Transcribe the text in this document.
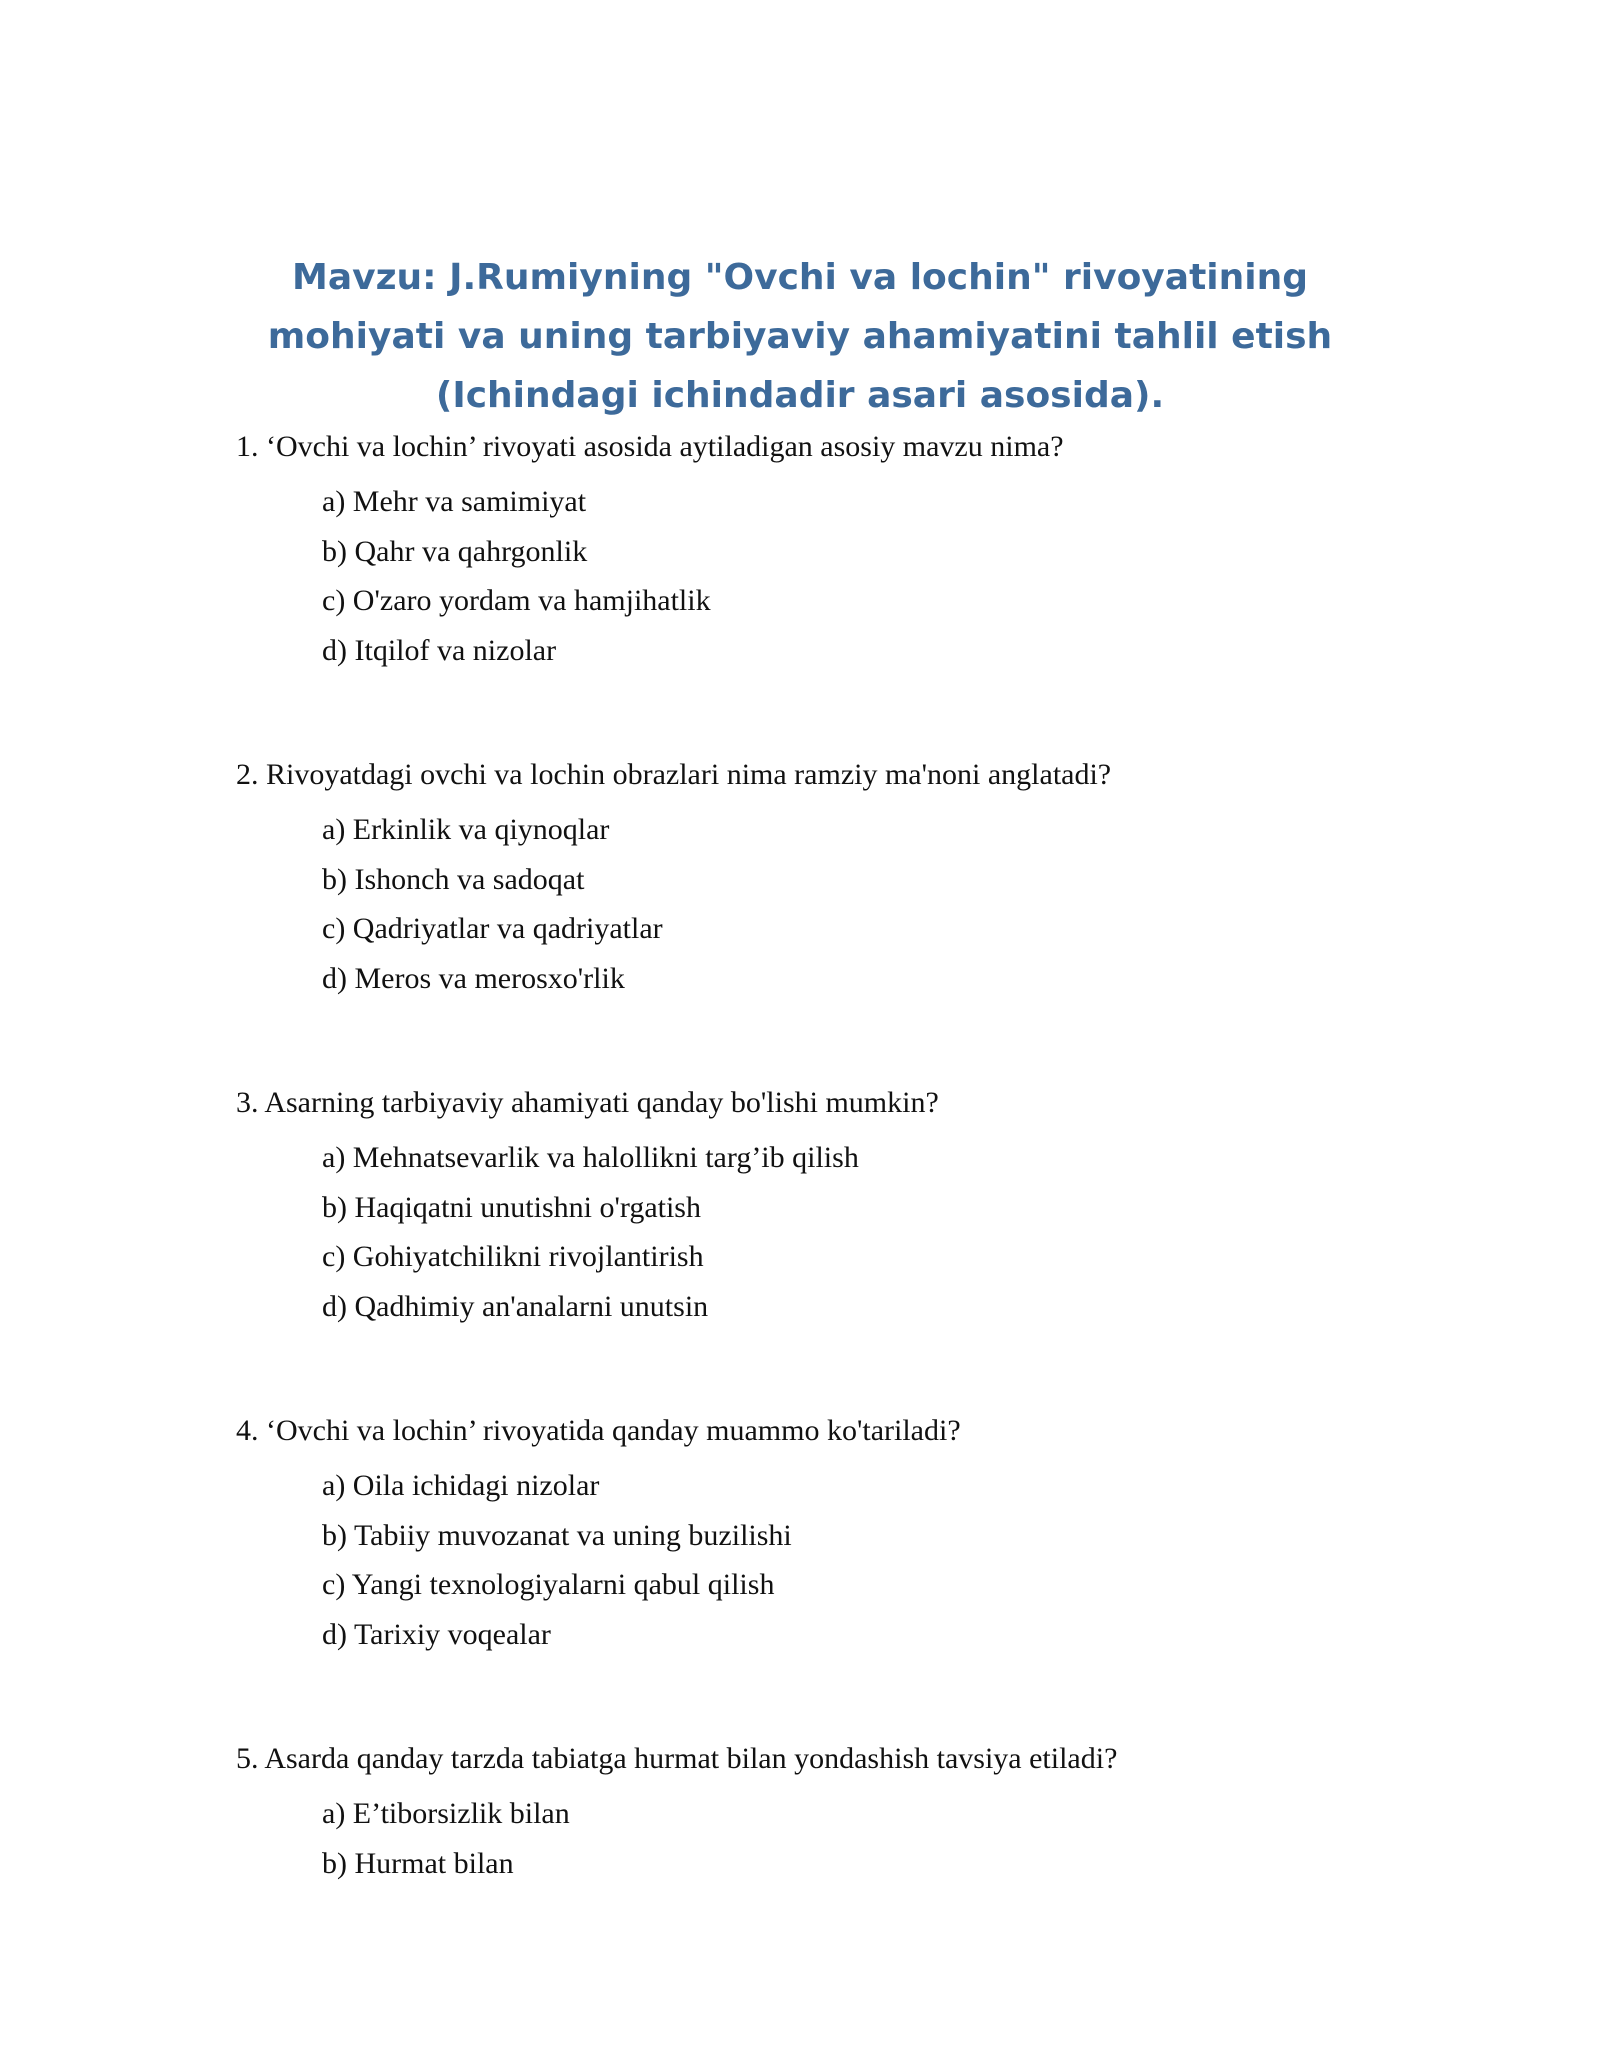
Mavzu: J.Rumiyning "Ovchi va lochin" rivoyatining mohiyati va uning tarbiyaviy ahamiyatini tahlil etish (Ichindagi ichindadir asari asosida).

1. ‘Ovchi va lochin’ rivoyati asosida aytiladigan asosiy mavzu nima?

a) Mehr va samimiyat
b) Qahr va qahrgonlik
c) O'zaro yordam va hamjihatlik
d) Itqilof va nizolar

2. Rivoyatdagi ovchi va lochin obrazlari nima ramziy ma'noni anglatadi?

a) Erkinlik va qiynoqlar
b) Ishonch va sadoqat
c) Qadriyatlar va qadriyatlar
d) Meros va merosxo'rlik

3. Asarning tarbiyaviy ahamiyati qanday bo'lishi mumkin?

a) Mehnatsevarlik va halollikni targ’ib qilish
b) Haqiqatni unutishni o'rgatish
c) Gohiyatchilikni rivojlantirish
d) Qadhimiy an'analarni unutsin

4. ‘Ovchi va lochin’ rivoyatida qanday muammo ko'tariladi?

a) Oila ichidagi nizolar
b) Tabiiy muvozanat va uning buzilishi
c) Yangi texnologiyalarni qabul qilish
d) Tarixiy voqealar

5. Asarda qanday tarzda tabiatga hurmat bilan yondashish tavsiya etiladi?

a) E’tiborsizlik bilan
b) Hurmat bilan
